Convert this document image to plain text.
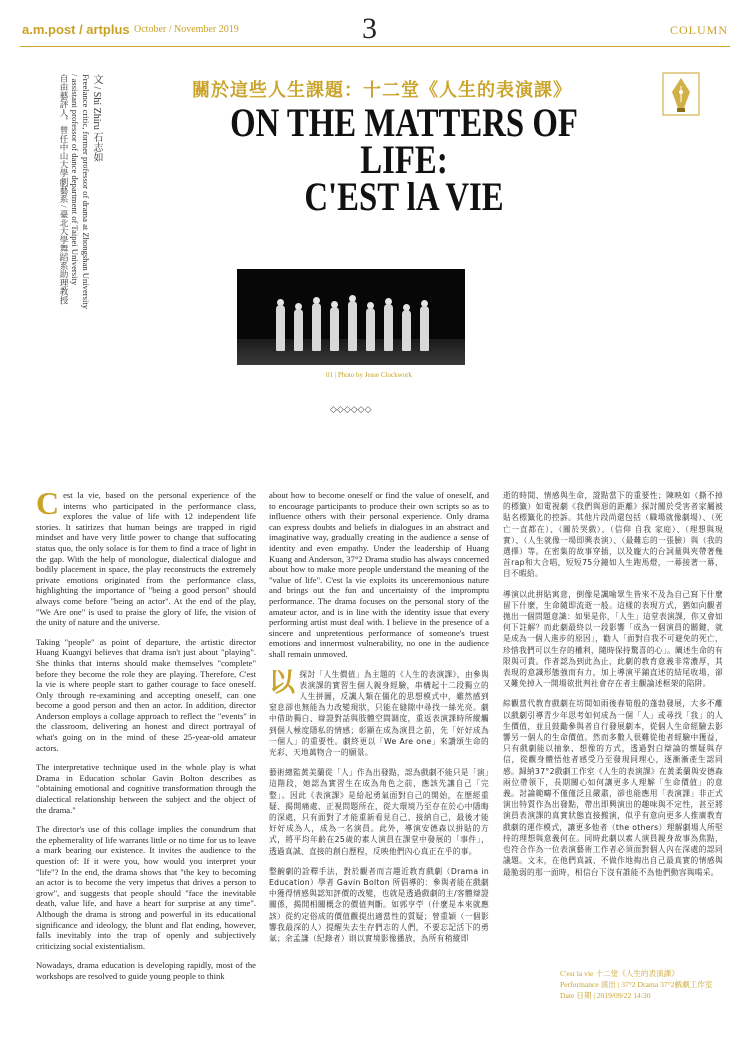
a.m.post / artplus October / November 2019	3	COLUMN
文 / Shi Zhiru 石志如
Freelance critic, former professor of drama at Zhongshan University
/ assistant professor of dance department of Taipei University
自由藝評人，曾任中山大學劇藝系 / 臺北大學舞蹈系助理教授	關於這些人生課題：十二堂《人生的表演課》
ON THE MATTERS OF LIFE:
C'EST lA VIE
01 | Photo by Jesse Clockwork
◇◇◇◇◇◇

Cest la vie, based on the personal experience of the interns who participated in the performance class, explores the value of life with 12 independent life stories. It satirizes that human beings are trapped in rigid mindset and have very little power to change that suffocating status quo, the only solace is for them to find a trace of light in the gap. With the help of monologue, dialectical dialogue and bodily placement in space, the play reconstructs the extremely private emotions originated from the performance class, highlighting the importance of "being a good person" should always come before "being an actor". At the end of the play, "We Are one" is used to praise the glory of life, the vision of the unity of nature and the universe.

Taking "people" as point of departure, the artistic director Huang Kuangyi believes that drama isn't just about "playing". She thinks that interns should make themselves "complete" before they become the role they are playing. Therefore, C'est la vie is where people start to gather courage to face oneself. Only through re-examining and accepting oneself, can one become a good person and then an actor. In addition, director Anderson employs a collage approach to reflect the "events" in the classroom, delivering an honest and direct portrayal of what's going on in the mind of these 25-year-old amateur actors.

The interpretative technique used in the whole play is what Drama in Education scholar Gavin Bolton describes as "obtaining emotional and cognitive transformation through the dialectical relationship between the subject and the object of the drama."

The director's use of this collage implies the conundrum that the ephemerality of life warrants little or no time for us to leave a mark bearing our existence. It invites the audience to the question of: If it were you, how would you interpret your "life"? In the end, the drama shows that "the key to becoming an actor is to become the very impetus that drives a person to grow", and suggests that people should "face the inevitable death, value life, and have a heart for surprise at any time". Although the drama is strong and powerful in its educational significance and ideology, the blunt and flat ending, however, falls inevitably into the trap of openly and subjectively criticizing social existentialism.

Nowadays, drama education is developing rapidly, most of the workshops are resolved to guide young people to think

about how to become oneself or find the value of oneself, and to encourage participants to produce their own scripts so as to influence others with their personal experience. Only drama can express doubts and beliefs in dialogues in an abstract and imaginative way, gradually creating in the audience a sense of identity and even empathy. Under the leadership of Huang Kuang and Anderson, 37°2 Drama studio has always concerned about how to make more people understand the meaning of the "value of life". C'est la vie exploits its unceremonious nature and brings out the fun and uncertainty of the impromptu performance. The drama focuses on the personal story of the amateur actor, and is in line with the identity issue that every performing artist must deal with. I believe in the presence of a sincere and unpretentious performance of someone's truest emotions and innermost vulnerability, no one in the audience shall remain unmoved.

以探討「人生價值」為主題的《人生的表演課》，由參與表演課的實習生個人親身經驗，串構起十二段獨立的人生拼圖，反諷人類在僵化的思想模式中，雖然感到窒息卻也無能為力改變現狀，只能在縫隙中尋找一絲光亮。劇中借助獨白、辯證對話與肢體空間調度，重返表演課時所縱觸到個人極度隱私的情感；彰顯在成為演員之前，先「好好成為一個人」的重要性。劇終更以「We Are one」來讚頌生命的光彩、天地萬物合一的願景。

藝術總監黃美蘭從「人」作為出發點，認為戲劇不能只是「演」這階段，她認為實習生在成為角色之前，應該先讓自己「完整」。因此《表演課》是給起勇氣面對自己的開始，在歷經重疑、揭開痛處、正視問題所在，從大環境乃至存在於心中隱晦的深處，只有面對了才能重新看見自己、接納自己，最後才能好好成為人，成為一名演員。此外，導演安德森以拼貼的方式，將平均年齡在25歲的素人演員在課堂中發展的「事件」，透過真誠、直接的創白歷程，反映他們內心真正在乎的事。

整齣劇的詮釋手法，對於觀者而言趨近教育戲劇（Drama in Education）學者 Gavin Bolton 所倡導的：參與者能在戲劇中獲得情感與認知評價的改變，也就是透過戲劇的主/客體辯證關係，揭開相關概念的價值判斷。如郭亨苧（什麼是本來就應該）從約定俗成的價值觀提出適當性的質疑；曾重穎（一個影響我最深的人）提醒失去生存們志的人們，不要忘記活下的勇氣；余孟謙（紀錄者）則以實境影像播放，為所有稍縱即

逝的時間、情感與生命，證點當下的重要性；陳映如（撕不掉的標籤）如電視劇《我們與惡的距離》探討關於受害者家屬被貼名標籤化的控訴。其他片段尚還包括（職場就像劇場）、（死亡一直都在）、（關於哭戲）、（信仰 自我 家庭）、（理想與現實）、（人生就像一場即興表演）、（最難忘的一張臉）與（我的選擇）等。在密集的故事穿插，以及龐大的台詞量與夾帶著幾首rap和大合唱，短短75分鐘如人生跑馬燈，一幕接著一幕，目不暇給。

導演以此拼貼寓意，倒像是諷喻眾生皆來不及為自己寫下什麼留下什麼，生命隨即流逝一般。這樣的表現方式，猶如向觀者拋出一個問題意識：如果是你，「人生」這堂表演課，你又會如何下註解？而此劇最終以一段影響「成為一個演員的關鍵，就是成為一個人進步的原因」，勸人「面對自我不可避免的死亡，珍惜我們可以生存的權利，隨時保持驚喜的心」。闡述生命的有限與可貴。作者認為到此為止，此劇的教育意義非常濃厚，其表現的意識形態強而有力，加上導演平鋪直述的結尾收場，卻又難免掉入一開場欲批判社會存在者主觀論述框架的陷阱。

綜觀當代教育戲劇在坊間如雨後春筍般的蓬勃發展，大多不離以戲劇引導青少年思考如何成為一個「人」或尋找「我」的人生價值，並且鼓勵參與者自行發展劇本，從個人生命經驗去影響另一個人的生命價值。然而多數人很難從他者經驗中獲益，只有戲劇能以抽象、想像的方式，透過對白辯論的懷疑與存信，從觀身體悟他者感受乃至發現同理心，逐漸漸產生認同感。歸納37°2戲劇工作室《人生的表演課》在黃柔蘭與安德森兩位帶領下，長期關心如何讓更多人理解「生命價值」的意義。討論範疇不僅僅泛且嚴肅，卻也能應用「表演課」非正式演出特質作為出發點，帶出即興演出的趣味與不定性，甚至將演員表演課的真實狀態直接搬演，似乎有意向更多人推廣教育戲劇的運作模式，讓更多他者（the others）理解劇場人所堅持的理想與意義何在。同時此劇以素人演員親身故事為焦點，也符合作為一位表演藝術工作者必須面對個人內在深處的認同議題。文末，在他們真誠、不做作地掏出自己最真實的情感與最脆弱的那一面時，相信台下沒有誰能不為他們動容與喝采。

C'est la vie 十二堂《人生的表演課》
Performance 演出 | 37°2 Drama 37°2戲劇工作室
Date 日期 | 2019/09/22 14:30
